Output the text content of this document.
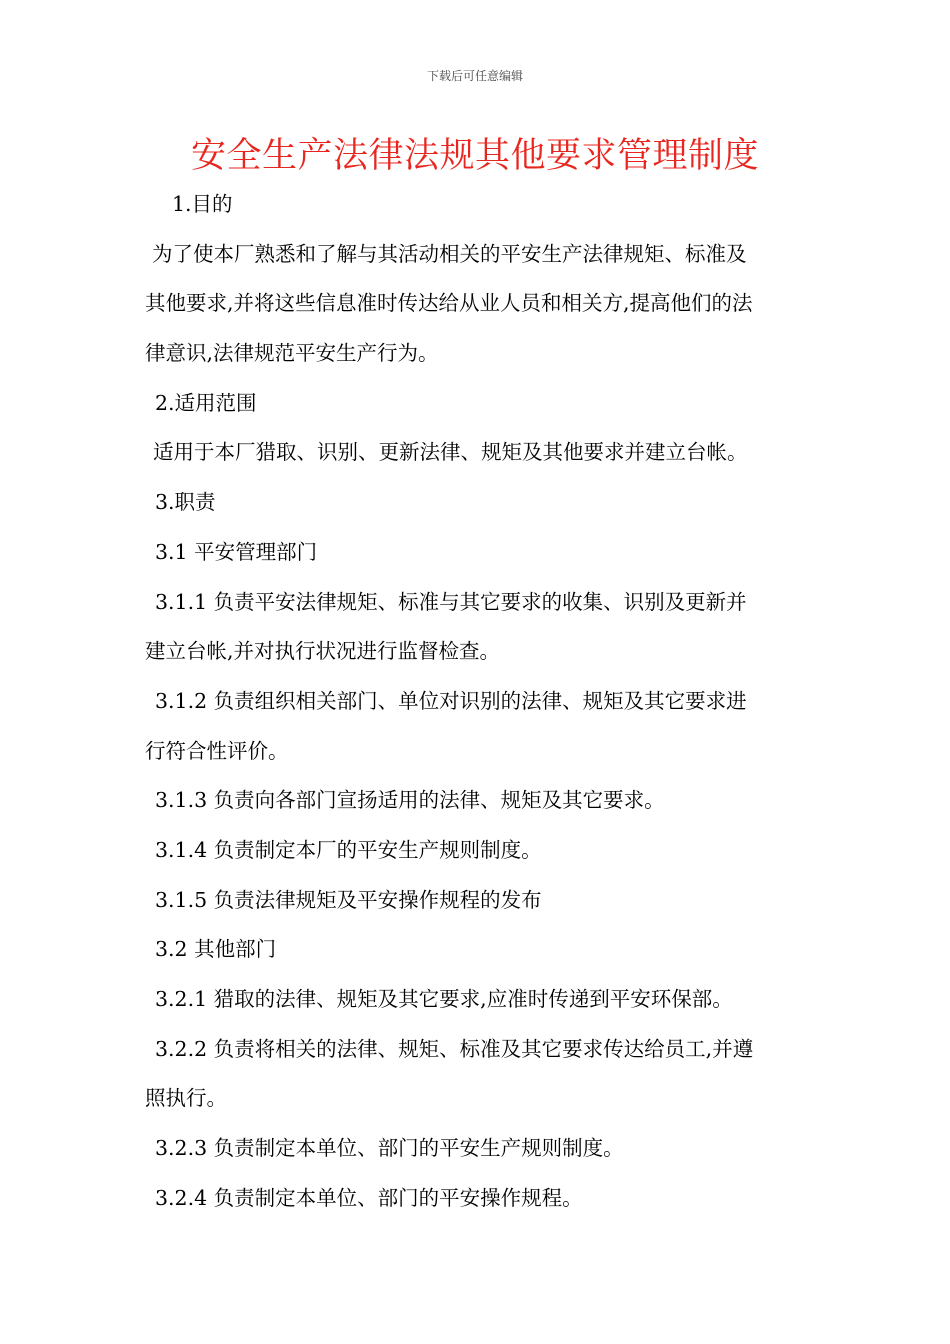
下载后可任意编辑
安全生产法律法规其他要求管理制度
1.目的
为了使本厂熟悉和了解与其活动相关的平安生产法律规矩、标准及
其他要求,并将这些信息准时传达给从业人员和相关方,提高他们的法
律意识,法律规范平安生产行为。
2.适用范围
适用于本厂猎取、识别、更新法律、规矩及其他要求并建立台帐。
3.职责
3.1 平安管理部门
3.1.1 负责平安法律规矩、标准与其它要求的收集、识别及更新并
建立台帐,并对执行状况进行监督检查。
3.1.2 负责组织相关部门、单位对识别的法律、规矩及其它要求进
行符合性评价。
3.1.3 负责向各部门宣扬适用的法律、规矩及其它要求。
3.1.4 负责制定本厂的平安生产规则制度。
3.1.5 负责法律规矩及平安操作规程的发布
3.2 其他部门
3.2.1 猎取的法律、规矩及其它要求,应准时传递到平安环保部。
3.2.2 负责将相关的法律、规矩、标准及其它要求传达给员工,并遵
照执行。
3.2.3 负责制定本单位、部门的平安生产规则制度。
3.2.4 负责制定本单位、部门的平安操作规程。
